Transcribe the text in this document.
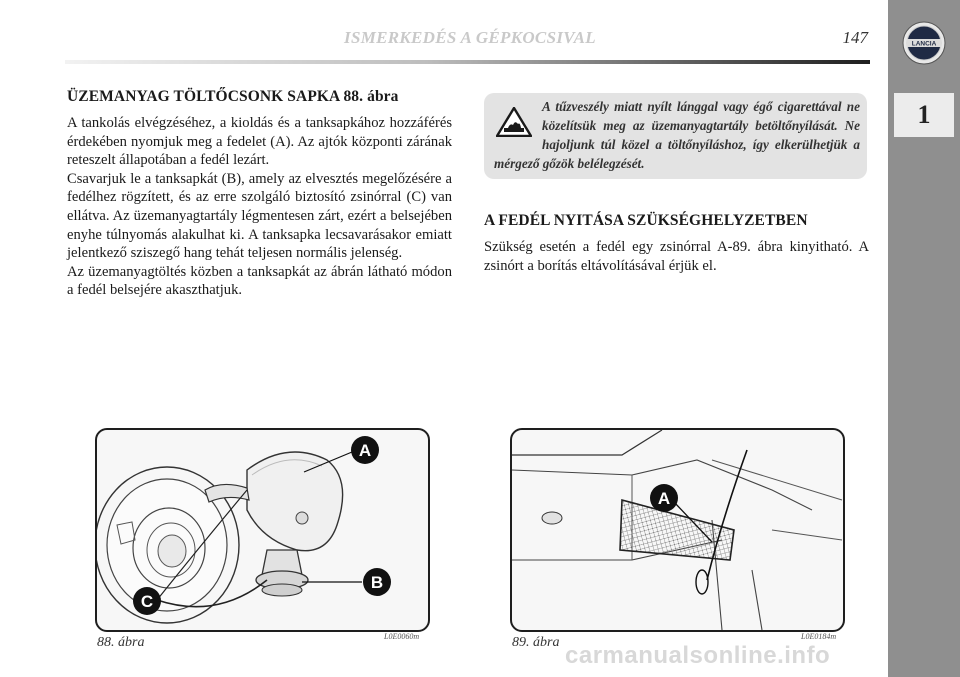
ISMERKEDÉS A GÉPKOCSIVAL	147	LANCIA
1
ÜZEMANYAG TÖLTŐCSONK SAPKA 88. ábra

A tankolás elvégzéséhez, a kioldás és a tanksapkához hozzáférés érdekében nyomjuk meg a fedelet (A). Az ajtók központi zárának reteszelt állapotában a fedél lezárt.

Csavarjuk le a tanksapkát (B), amely az elvesztés megelőzésére a fedélhez rögzített, és az erre szolgáló biztosító zsinórral (C) van ellátva. Az üzemanyagtartály légmentesen zárt, ezért a belsejében enyhe túlnyomás alakulhat ki. A tanksapka lecsavarásakor emiatt jelentkező sziszegő hang tehát teljesen normális jelenség.

Az üzemanyagtöltés közben a tanksapkát az ábrán látható módon a fedél belsejére akaszthatjuk.

A tűzveszély miatt nyílt lánggal vagy égő cigarettával ne közelítsük meg az üzemanyagtartály betöltőnyílását. Ne hajoljunk túl közel a töltőnyíláshoz, így elkerülhetjük a mérgező gőzök belélegzését.
A FEDÉL NYITÁSA SZÜKSÉGHELYZETBEN

Szükség esetén a fedél egy zsinórral A-89. ábra kinyitható. A zsinórt a borítás eltávolításával érjük el.

A
B
C
88. ábra	L0E0060m
A
89. ábra	L0E0184m
carmanualsonline.info
